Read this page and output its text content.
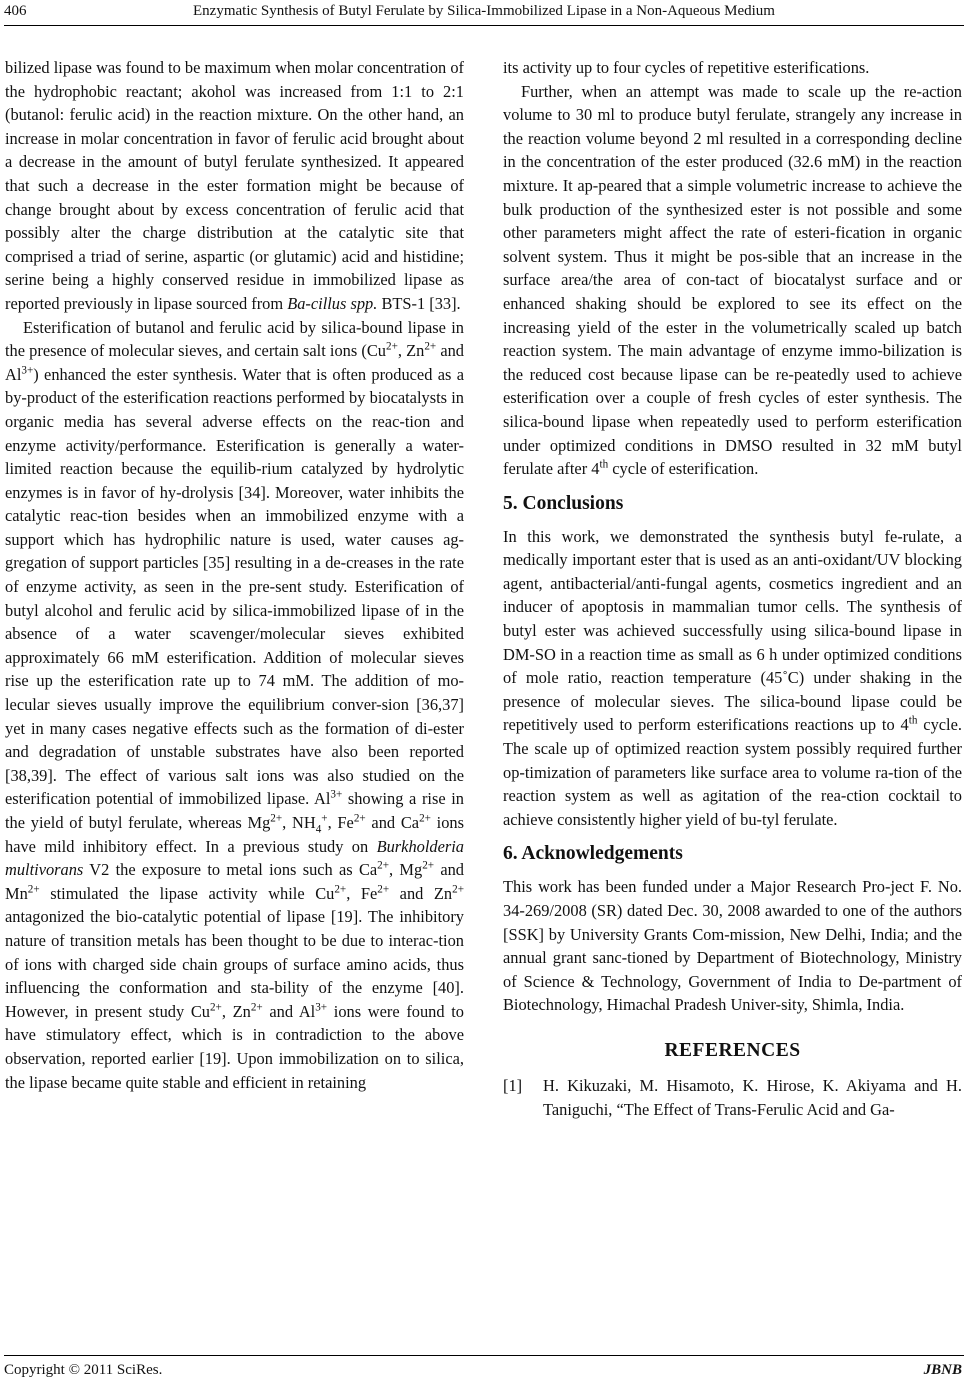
406	Enzymatic Synthesis of Butyl Ferulate by Silica-Immobilized Lipase in a Non-Aqueous Medium

bilized lipase was found to be maximum when molar concentration of the hydrophobic reactant; akohol was increased from 1:1 to 2:1 (butanol: ferulic acid) in the reaction mixture. On the other hand, an increase in molar concentration in favor of ferulic acid brought about a decrease in the amount of butyl ferulate synthesized. It appeared that such a decrease in the ester formation might be because of change brought about by excess concentration of ferulic acid that possibly alter the charge distribution at the catalytic site that comprised a triad of serine, aspartic (or glutamic) acid and histidine; serine being a highly conserved residue in immobilized lipase as reported previously in lipase sourced from Ba-cillus spp. BTS-1 [33].

Esterification of butanol and ferulic acid by silica-bound lipase in the presence of molecular sieves, and certain salt ions ($Cu^{2+}$, $Zn^{2+}$ and $Al^{3+}$) enhanced the ester synthesis. Water that is often produced as a by-product of the esterification reactions performed by biocatalysts in organic media has several adverse effects on the reac-tion and enzyme activity/performance. Esterification is generally a water-limited reaction because the equilib-rium catalyzed by hydrolytic enzymes is in favor of hy-drolysis [34]. Moreover, water inhibits the catalytic reac-tion besides when an immobilized enzyme with a support which has hydrophilic nature is used, water causes ag-gregation of support particles [35] resulting in a de-creases in the rate of enzyme activity, as seen in the pre-sent study. Esterification of butyl alcohol and ferulic acid by silica-immobilized lipase of in the absence of a water scavenger/molecular sieves exhibited approximately 66 mM esterification. Addition of molecular sieves rise up the esterification rate up to 74 mM. The addition of mo-lecular sieves usually improve the equilibrium conver-sion [36,37] yet in many cases negative effects such as the formation of di-ester and degradation of unstable substrates have also been reported [38,39]. The effect of various salt ions was also studied on the esterification potential of immobilized lipase. $Al^{3+}$ showing a rise in the yield of butyl ferulate, whereas $Mg^{2+}$, $NH_4^+$, $Fe^{2+}$ and $Ca^{2+}$ ions have mild inhibitory effect. In a previous study on Burkholderia multivorans V2 the exposure to metal ions such as $Ca^{2+}$, $Mg^{2+}$ and $Mn^{2+}$ stimulated the lipase activity while $Cu^{2+}$, $Fe^{2+}$ and $Zn^{2+}$ antagonized the bio-catalytic potential of lipase [19]. The inhibitory nature of transition metals has been thought to be due to interac-tion of ions with charged side chain groups of surface amino acids, thus influencing the conformation and sta-bility of the enzyme [40]. However, in present study $Cu^{2+}$, $Zn^{2+}$ and $Al^{3+}$ ions were found to have stimulatory effect, which is in contradiction to the above observation, reported earlier [19]. Upon immobilization on to silica, the lipase became quite stable and efficient in retaining

its activity up to four cycles of repetitive esterifications.

Further, when an attempt was made to scale up the re-action volume to 30 ml to produce butyl ferulate, strangely any increase in the reaction volume beyond 2 ml resulted in a corresponding decline in the concentration of the ester produced (32.6 mM) in the reaction mixture. It ap-peared that a simple volumetric increase to achieve the bulk production of the synthesized ester is not possible and some other parameters might affect the rate of esteri-fication in organic solvent system. Thus it might be pos-sible that an increase in the surface area/the area of con-tact of biocatalyst surface and or enhanced shaking should be explored to see its effect on the increasing yield of the ester in the volumetrically scaled up batch reaction system. The main advantage of enzyme immo-bilization is the reduced cost because lipase can be re-peatedly used to achieve esterification over a couple of fresh cycles of ester synthesis. The silica-bound lipase when repeatedly used to perform esterification under optimized conditions in DMSO resulted in 32 mM butyl ferulate after 4th cycle of esterification.

5. Conclusions

In this work, we demonstrated the synthesis butyl fe-rulate, a medically important ester that is used as an anti-oxidant/UV blocking agent, antibacterial/anti-fungal agents, cosmetics ingredient and an inducer of apoptosis in mammalian tumor cells. The synthesis of butyl ester was achieved successfully using silica-bound lipase in DM-SO in a reaction time as small as 6 h under optimized conditions of mole ratio, reaction temperature (45˚C) under shaking in the presence of molecular sieves. The silica-bound lipase could be repetitively used to perform esterifications reactions up to 4th cycle. The scale up of optimized reaction system possibly required further op-timization of parameters like surface area to volume ra-tion of the reaction system as well as agitation of the rea-ction cocktail to achieve consistently higher yield of bu-tyl ferulate.

6. Acknowledgements

This work has been funded under a Major Research Pro-ject F. No. 34-269/2008 (SR) dated Dec. 30, 2008 awarded to one of the authors [SSK] by University Grants Com-mission, New Delhi, India; and the annual grant sanc-tioned by Department of Biotechnology, Ministry of Science & Technology, Government of India to De-partment of Biotechnology, Himachal Pradesh Univer-sity, Shimla, India.

REFERENCES
[1]	H. Kikuzaki, M. Hisamoto, K. Hirose, K. Akiyama and H. Taniguchi, “The Effect of Trans-Ferulic Acid and Ga-
Copyright © 2011 SciRes.	JBNB
